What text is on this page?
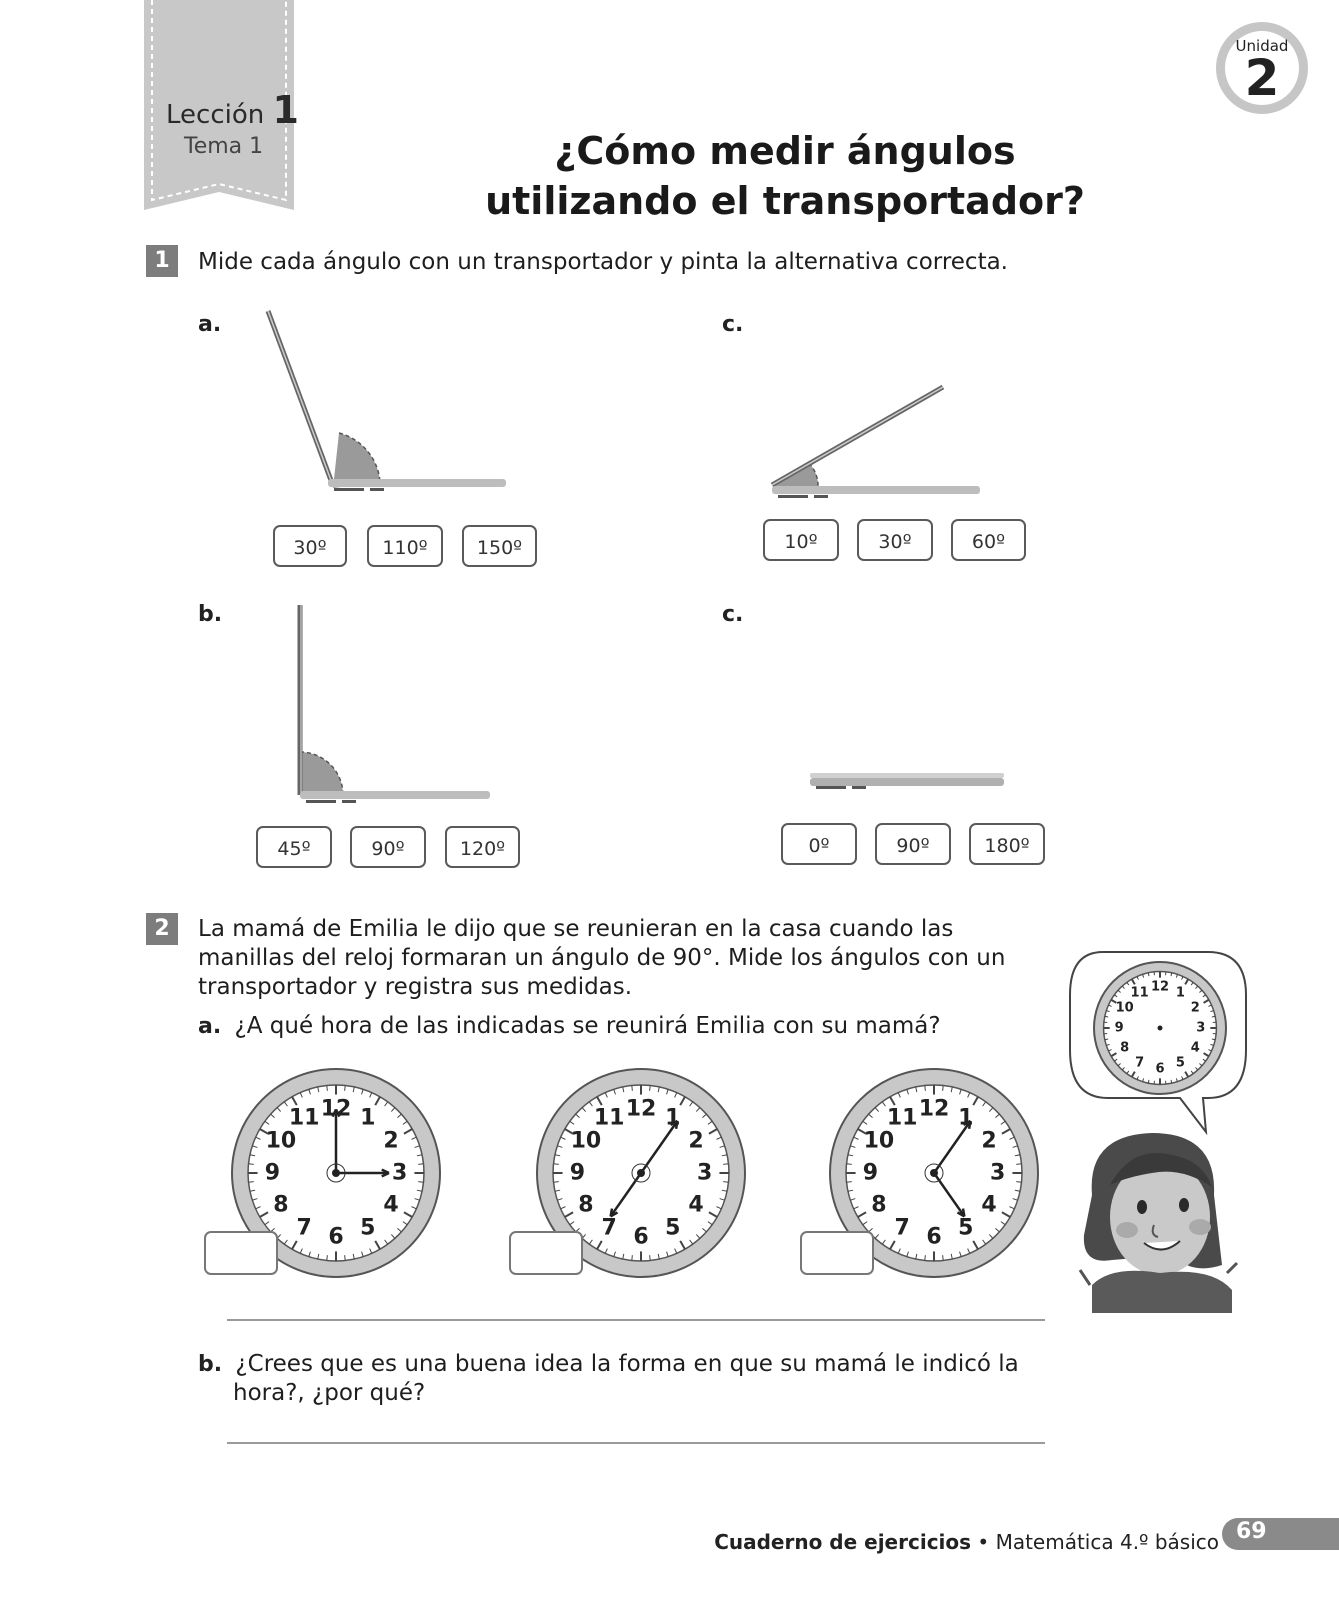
Lección 1
Tema 1
Unidad
2
¿Cómo medir ángulos
utilizando el transportador?
1	Mide cada ángulo con un transportador y pinta la alternativa correcta.
a.
30º	110º	150º
c.
10º	30º	60º
b.
45º	90º	120º
c.
0º	90º	180º
2	La mamá de Emilia le dijo que se reunieran en la casa cuando las
manillas del reloj formaran un ángulo de 90°. Mide los ángulos con un
transportador y registra sus medidas.
a. ¿A qué hora de las indicadas se reunirá Emilia con su mamá?
12 1
2
3
4
5
6
7
8
9
10
11	12 1
2
3
4
5
6
7
8
9
10
11	12 1
2
3
4
5
6
7
8
9
10
11
12 1
2
3
4
5
6
7
8
9
10
11
b. ¿Crees que es una buena idea la forma en que su mamá le indicó la
hora?, ¿por qué?
Cuaderno de ejercicios • Matemática 4.º básico 69
